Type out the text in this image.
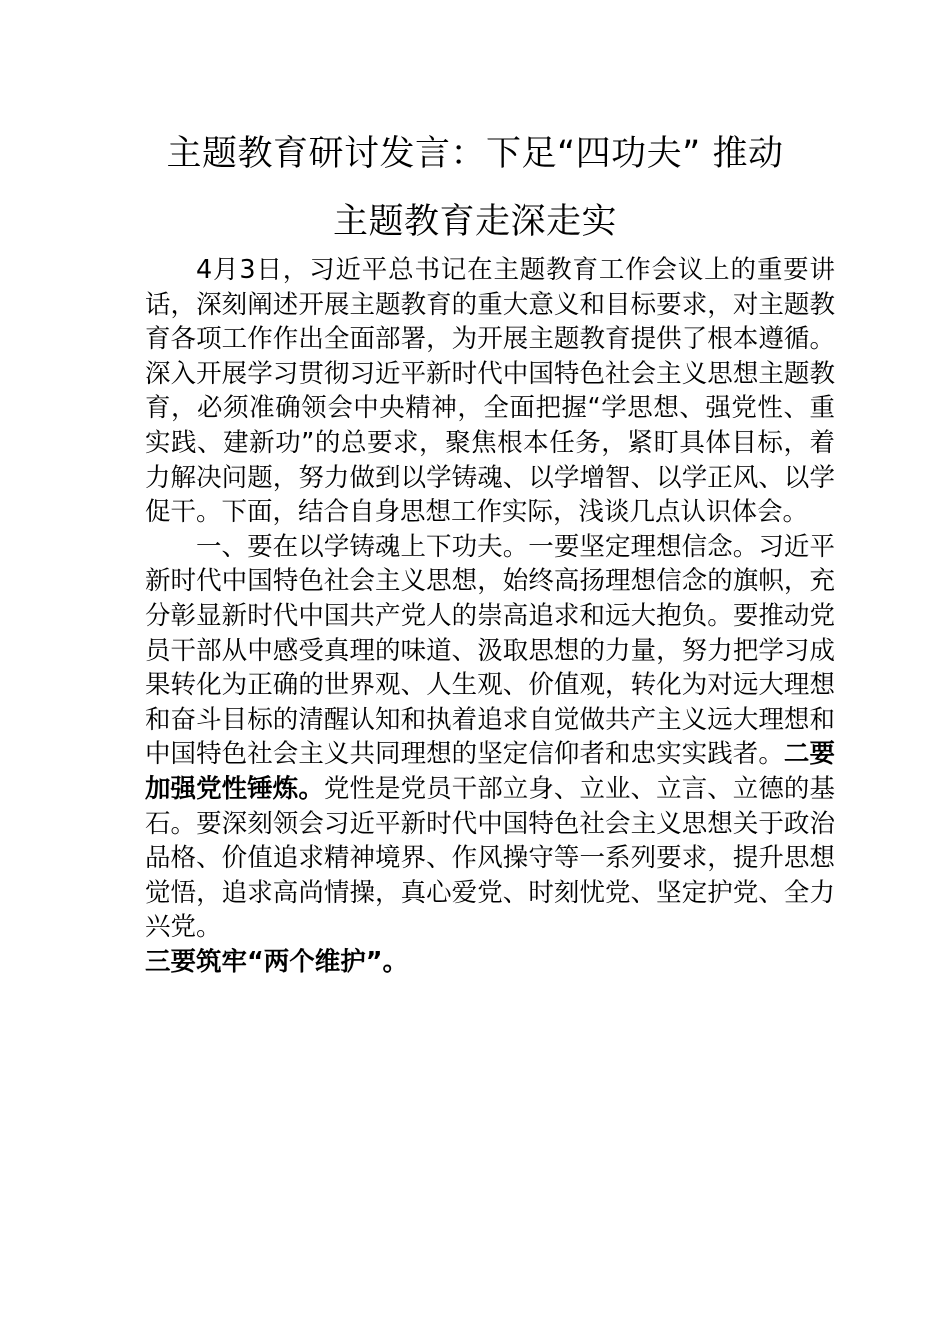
主题教育研讨发言：下足“四功夫” 推动
主题教育走深走实

4月3日，习近平总书记在主题教育工作会议上的重要讲话，深刻阐述开展主题教育的重大意义和目标要求，对主题教育各项工作作出全面部署，为开展主题教育提供了根本遵循。深入开展学习贯彻习近平新时代中国特色社会主义思想主题教育，必须准确领会中央精神，全面把握“学思想、强党性、重实践、建新功”的总要求，聚焦根本任务，紧盯具体目标，着力解决问题，努力做到以学铸魂、以学增智、以学正风、以学促干。下面，结合自身思想工作实际，浅谈几点认识体会。

一、要在以学铸魂上下功夫。一要坚定理想信念。习近平新时代中国特色社会主义思想，始终高扬理想信念的旗帜，充分彰显新时代中国共产党人的崇高追求和远大抱负。要推动党员干部从中感受真理的味道、汲取思想的力量，努力把学习成果转化为正确的世界观、人生观、价值观，转化为对远大理想和奋斗目标的清醒认知和执着追求自觉做共产主义远大理想和中国特色社会主义共同理想的坚定信仰者和忠实实践者。二要加强党性锤炼。党性是党员干部立身、立业、立言、立德的基石。要深刻领会习近平新时代中国特色社会主义思想关于政治品格、价值追求精神境界、作风操守等一系列要求，提升思想觉悟，追求高尚情操，真心爱党、时刻忧党、坚定护党、全力兴党。

三要筑牢“两个维护”。
